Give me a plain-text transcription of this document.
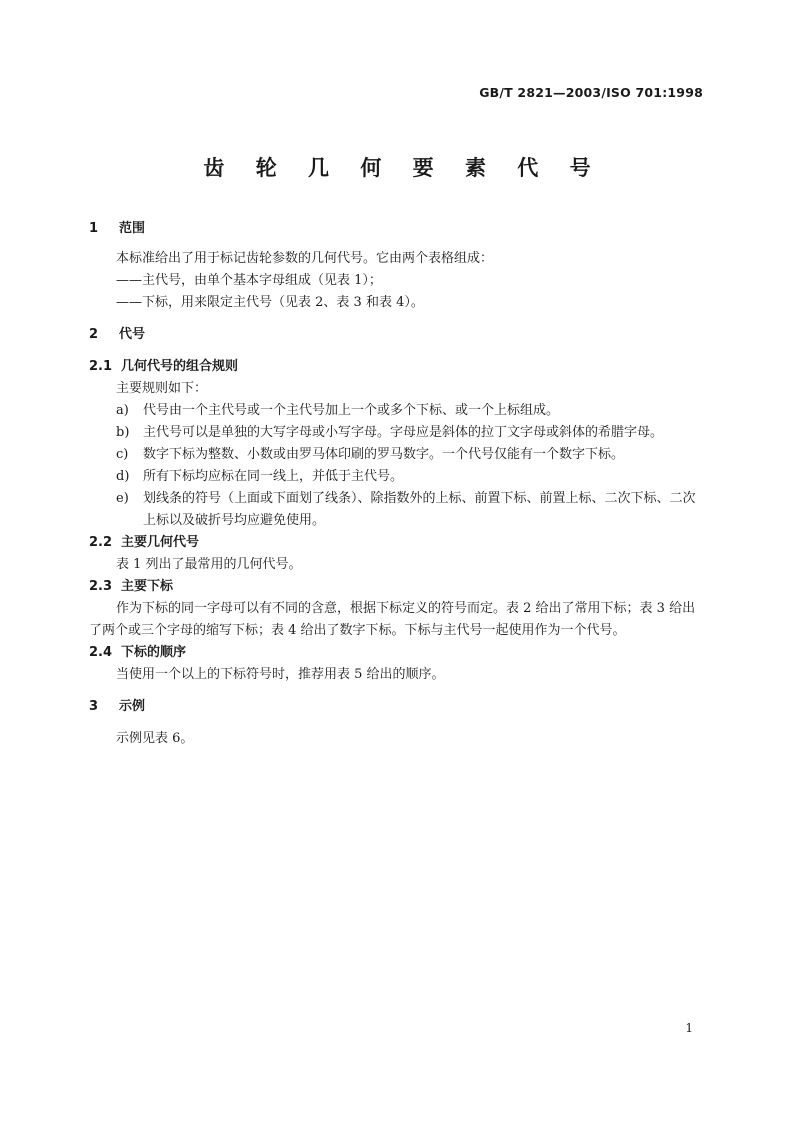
GB/T 2821—2003/ISO 701:1998
齿 轮 几 何 要 素 代 号

1 范围

本标准给出了用于标记齿轮参数的几何代号。它由两个表格组成：

——主代号，由单个基本字母组成（见表 1）；

——下标，用来限定主代号（见表 2、表 3 和表 4）。

2 代号

2.1 几何代号的组合规则

主要规则如下：

a) 代号由一个主代号或一个主代号加上一个或多个下标、或一个上标组成。

b) 主代号可以是单独的大写字母或小写字母。字母应是斜体的拉丁文字母或斜体的希腊字母。

c) 数字下标为整数、小数或由罗马体印刷的罗马数字。一个代号仅能有一个数字下标。

d) 所有下标均应标在同一线上，并低于主代号。

e) 划线条的符号（上面或下面划了线条）、除指数外的上标、前置下标、前置上标、二次下标、二次上标以及破折号均应避免使用。

2.2 主要几何代号

表 1 列出了最常用的几何代号。

2.3 主要下标

作为下标的同一字母可以有不同的含意，根据下标定义的符号而定。表 2 给出了常用下标；表 3 给出了两个或三个字母的缩写下标；表 4 给出了数字下标。下标与主代号一起使用作为一个代号。

2.4 下标的顺序

当使用一个以上的下标符号时，推荐用表 5 给出的顺序。

3 示例

示例见表 6。

1
